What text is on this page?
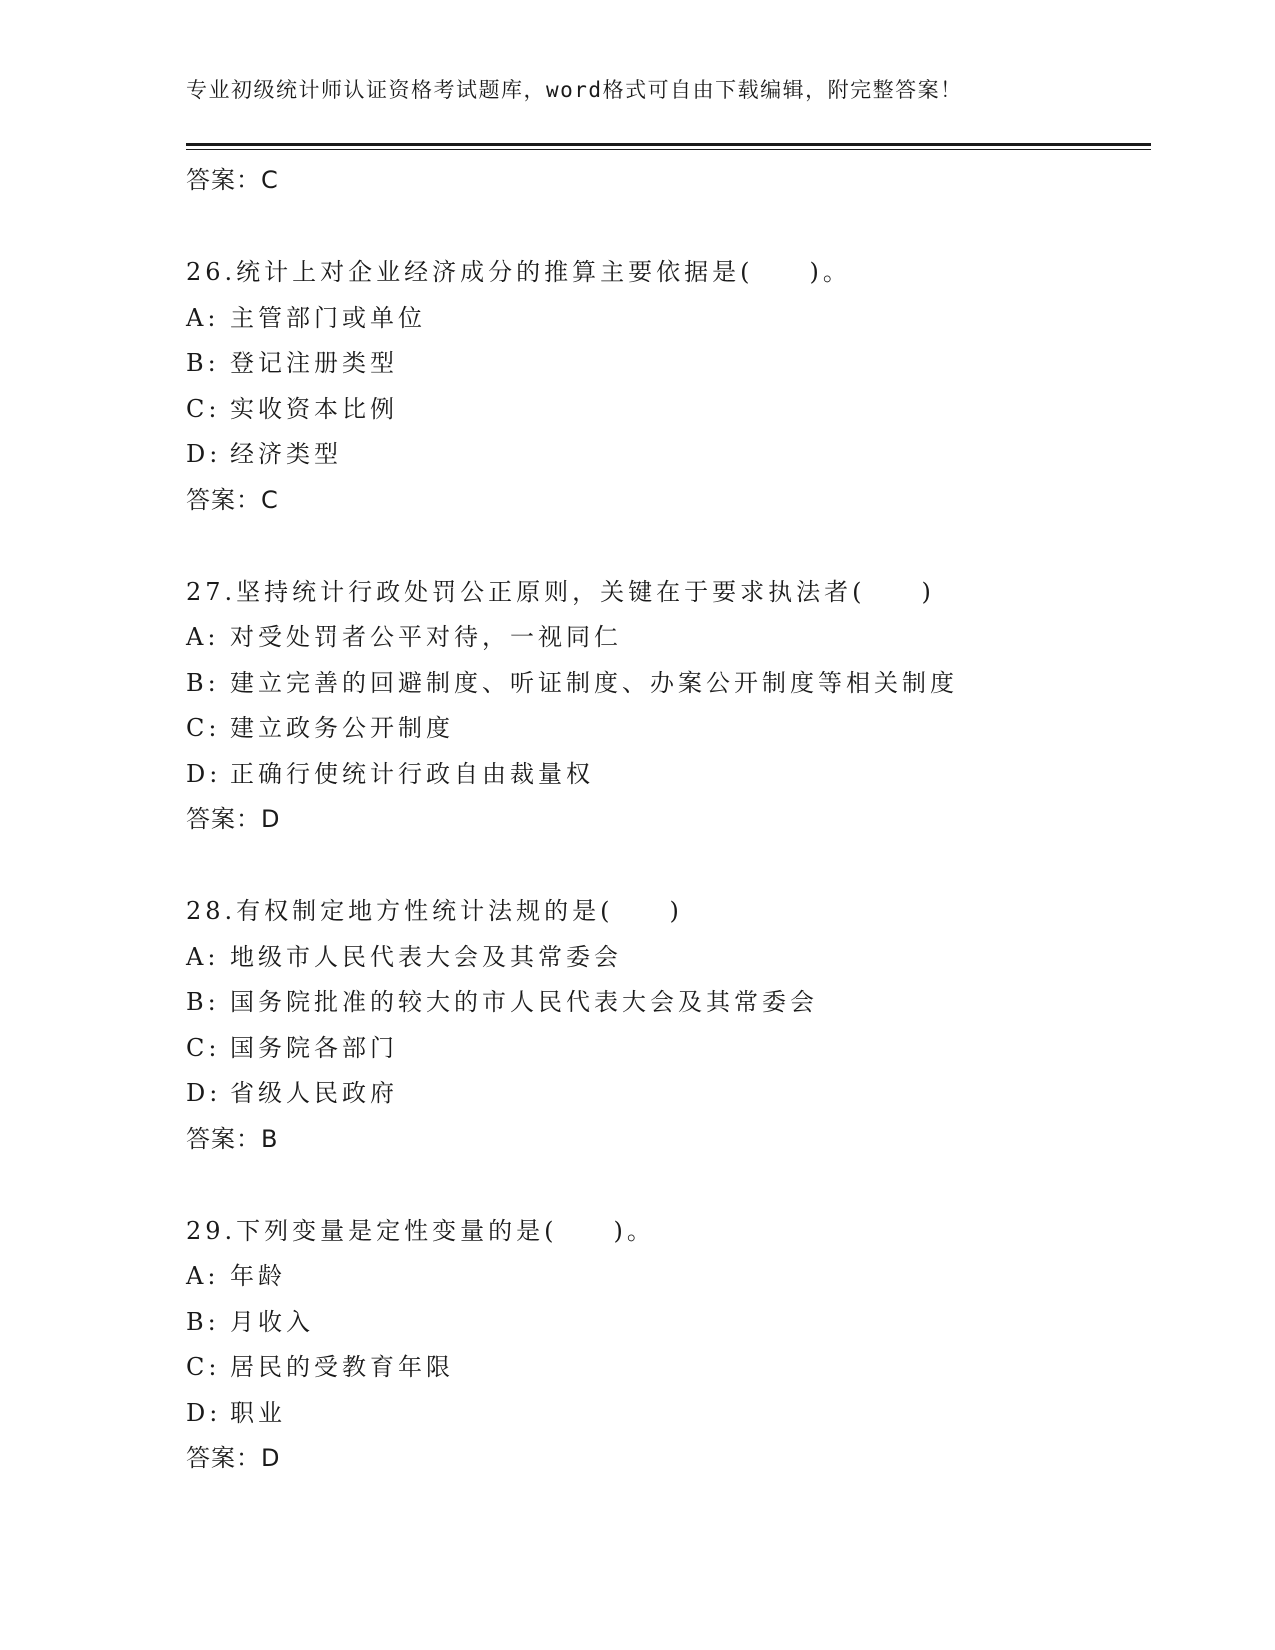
专业初级统计师认证资格考试题库，word格式可自由下载编辑，附完整答案！
答案：C
26.统计上对企业经济成分的推算主要依据是(　　)。
A: 主管部门或单位
B: 登记注册类型
C: 实收资本比例
D: 经济类型
答案：C
27.坚持统计行政处罚公正原则，关键在于要求执法者(　　)
A: 对受处罚者公平对待，一视同仁
B: 建立完善的回避制度、听证制度、办案公开制度等相关制度
C: 建立政务公开制度
D: 正确行使统计行政自由裁量权
答案：D
28.有权制定地方性统计法规的是(　　)
A: 地级市人民代表大会及其常委会
B: 国务院批准的较大的市人民代表大会及其常委会
C: 国务院各部门
D: 省级人民政府
答案：B
29.下列变量是定性变量的是(　　)。
A: 年龄
B: 月收入
C: 居民的受教育年限
D: 职业
答案：D
